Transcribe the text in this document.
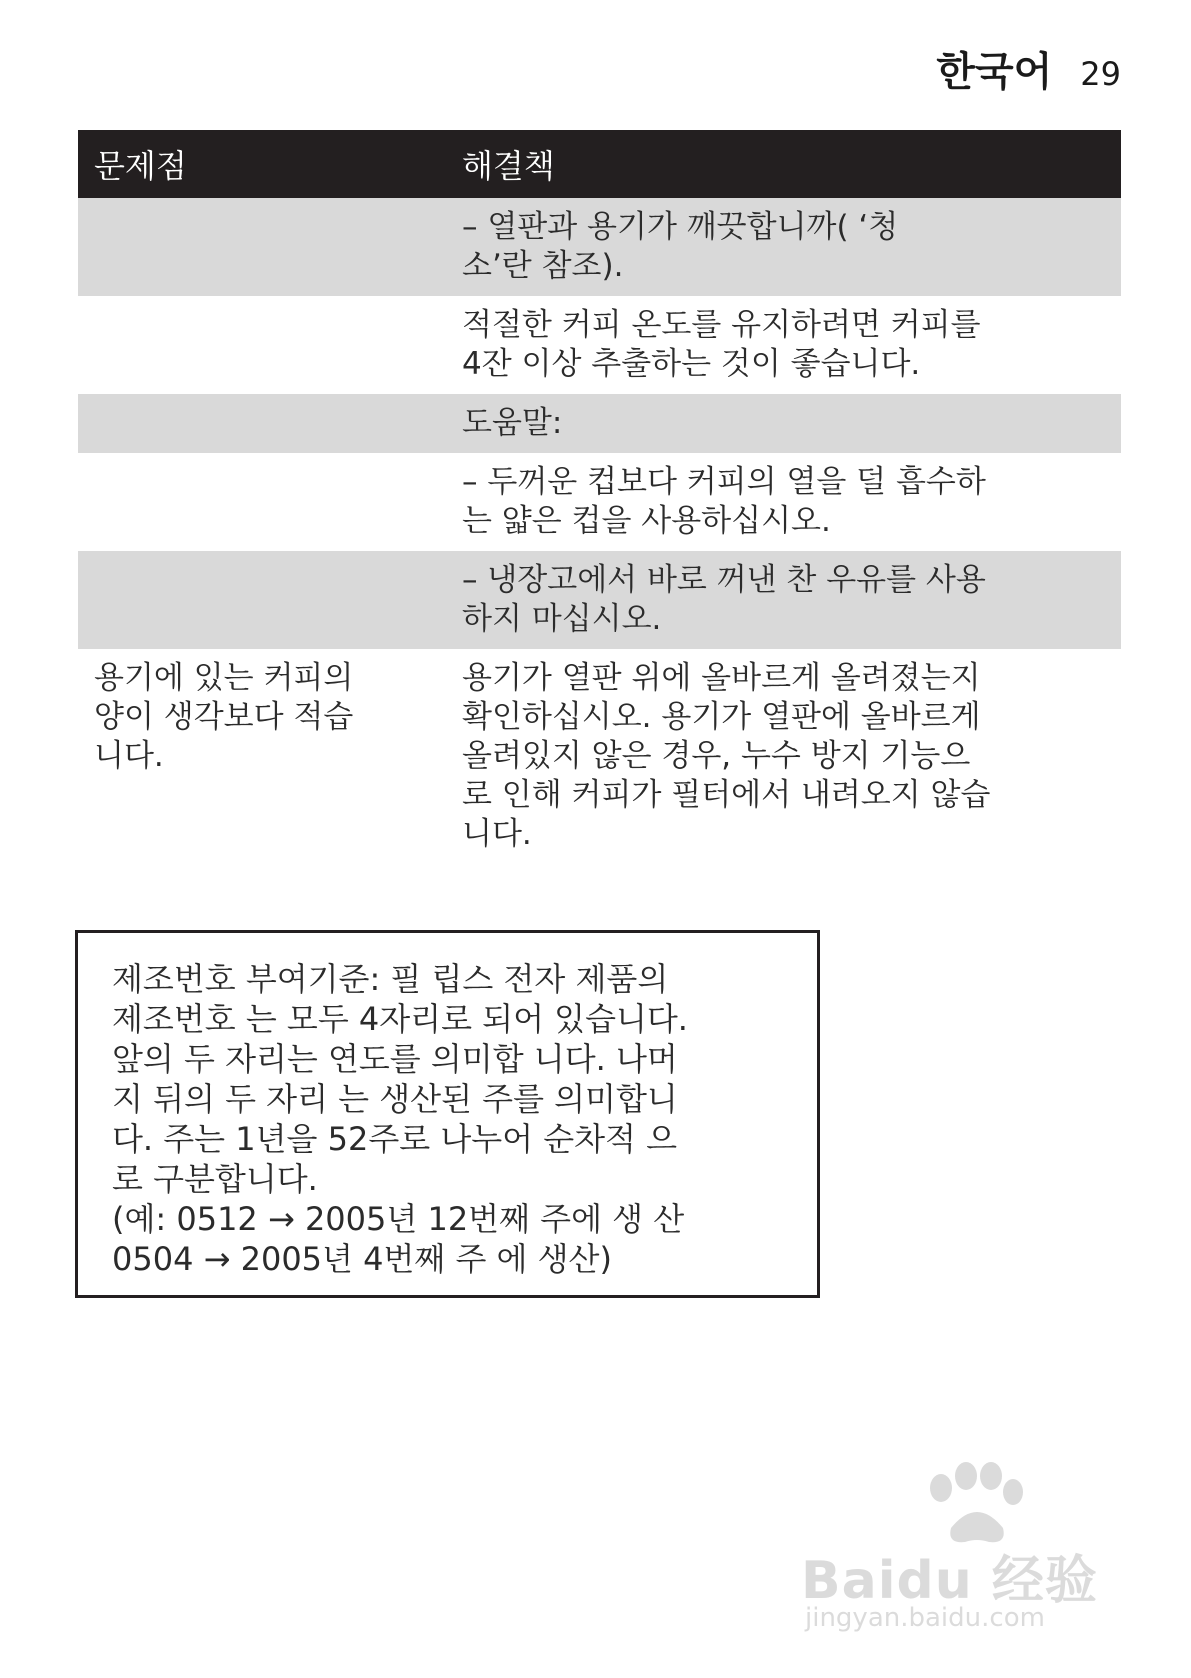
한국어 29
문제점	해결책
– 열판과 용기가 깨끗합니까( ‘청
소’란 참조).
적절한 커피 온도를 유지하려면 커피를
4잔 이상 추출하는 것이 좋습니다.
도움말:
– 두꺼운 컵보다 커피의 열을 덜 흡수하
는 얇은 컵을 사용하십시오.
– 냉장고에서 바로 꺼낸 찬 우유를 사용
하지 마십시오.
용기에 있는 커피의
양이 생각보다 적습
니다.
용기가 열판 위에 올바르게 올려졌는지
확인하십시오. 용기가 열판에 올바르게
올려있지 않은 경우, 누수 방지 기능으
로 인해 커피가 필터에서 내려오지 않습
니다.

제조번호 부여기준: 필 립스 전자 제품의
제조번호 는 모두 4자리로 되어 있습니다.
앞의 두 자리는 연도를 의미합 니다. 나머
지 뒤의 두 자리 는 생산된 주를 의미합니
다. 주는 1년을 52주로 나누어 순차적 으
로 구분합니다.
(예: 0512 → 2005년 12번째 주에 생 산
0504 → 2005년 4번째 주 에 생산)

Baidu 经验
jingyan.baidu.com
